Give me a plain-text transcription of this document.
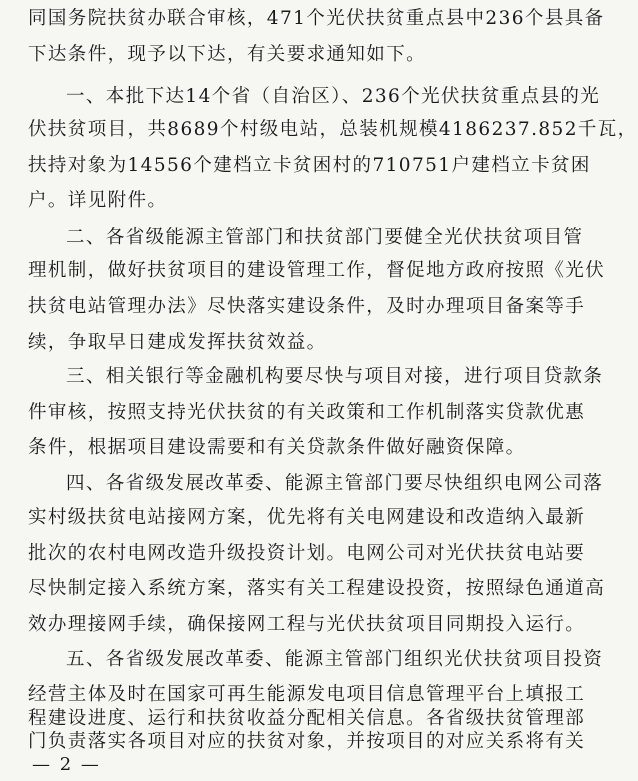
同国务院扶贫办联合审核，471个光伏扶贫重点县中236个县具备
下达条件，现予以下达，有关要求通知如下。
一、本批下达14个省（自治区）、236个光伏扶贫重点县的光
伏扶贫项目，共8689个村级电站，总装机规模4186237.852千瓦，
扶持对象为14556个建档立卡贫困村的710751户建档立卡贫困
户。详见附件。
二、各省级能源主管部门和扶贫部门要健全光伏扶贫项目管
理机制，做好扶贫项目的建设管理工作，督促地方政府按照《光伏
扶贫电站管理办法》尽快落实建设条件，及时办理项目备案等手
续，争取早日建成发挥扶贫效益。
三、相关银行等金融机构要尽快与项目对接，进行项目贷款条
件审核，按照支持光伏扶贫的有关政策和工作机制落实贷款优惠
条件，根据项目建设需要和有关贷款条件做好融资保障。
四、各省级发展改革委、能源主管部门要尽快组织电网公司落
实村级扶贫电站接网方案，优先将有关电网建设和改造纳入最新
批次的农村电网改造升级投资计划。电网公司对光伏扶贫电站要
尽快制定接入系统方案，落实有关工程建设投资，按照绿色通道高
效办理接网手续，确保接网工程与光伏扶贫项目同期投入运行。
五、各省级发展改革委、能源主管部门组织光伏扶贫项目投资
经营主体及时在国家可再生能源发电项目信息管理平台上填报工
程建设进度、运行和扶贫收益分配相关信息。各省级扶贫管理部
门负责落实各项目对应的扶贫对象，并按项目的对应关系将有关
— 2 —
